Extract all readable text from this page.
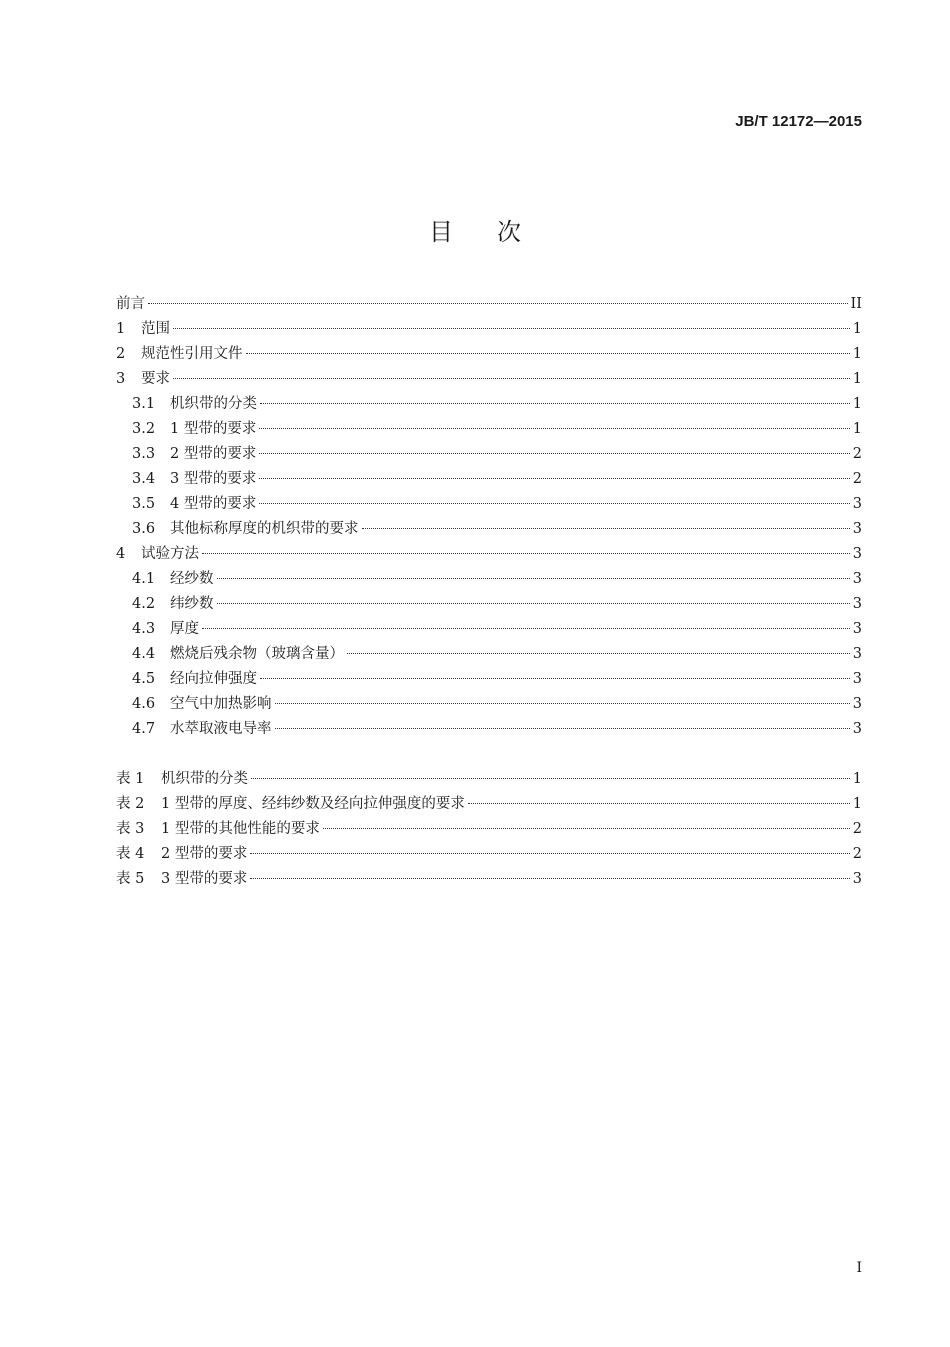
JB/T 12172—2015
目次
前言	II
1	范围	1
2	规范性引用文件	1
3	要求	1
3.1	机织带的分类	1
3.2	1 型带的要求	1
3.3	2 型带的要求	2
3.4	3 型带的要求	2
3.5	4 型带的要求	3
3.6	其他标称厚度的机织带的要求	3
4	试验方法	3
4.1	经纱数	3
4.2	纬纱数	3
4.3	厚度	3
4.4	燃烧后残余物（玻璃含量）	3
4.5	经向拉伸强度	3
4.6	空气中加热影响	3
4.7	水萃取液电导率	3
表 1	机织带的分类	1
表 2	1 型带的厚度、经纬纱数及经向拉伸强度的要求	1
表 3	1 型带的其他性能的要求	2
表 4	2 型带的要求	2
表 5	3 型带的要求	3
I
